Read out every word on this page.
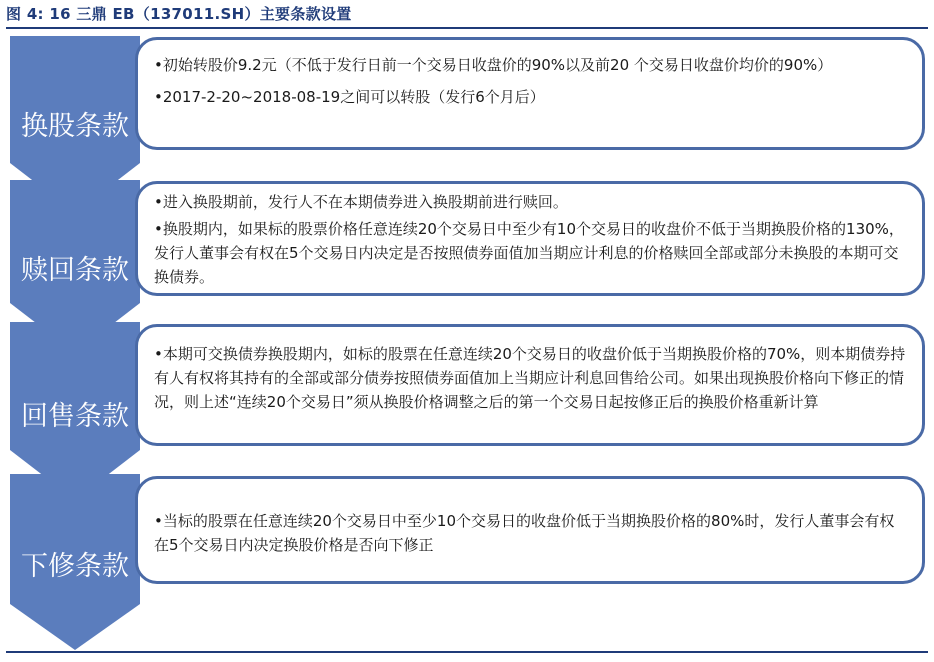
图 4: 16 三鼎 EB（137011.SH）主要条款设置
换股条款

•初始转股价9.2元（不低于发行日前一个交易日收盘价的90%以及前20 个交易日收盘价均价的90%）

•2017-2-20~2018-08-19之间可以转股（发行6个月后）

赎回条款

•进入换股期前，发行人不在本期债券进入换股期前进行赎回。

•换股期内，如果标的股票价格任意连续20个交易日中至少有10个交易日的收盘价不低于当期换股价格的130%，发行人董事会有权在5个交易日内决定是否按照债券面值加当期应计利息的价格赎回全部或部分未换股的本期可交换债券。

回售条款

•本期可交换债券换股期内，如标的股票在任意连续20个交易日的收盘价低于当期换股价格的70%，则本期债券持有人有权将其持有的全部或部分债券按照债券面值加上当期应计利息回售给公司。如果出现换股价格向下修正的情况，则上述“连续20个交易日”须从换股价格调整之后的第一个交易日起按修正后的换股价格重新计算

下修条款

•当标的股票在任意连续20个交易日中至少10个交易日的收盘价低于当期换股价格的80%时，发行人董事会有权在5个交易日内决定换股价格是否向下修正
